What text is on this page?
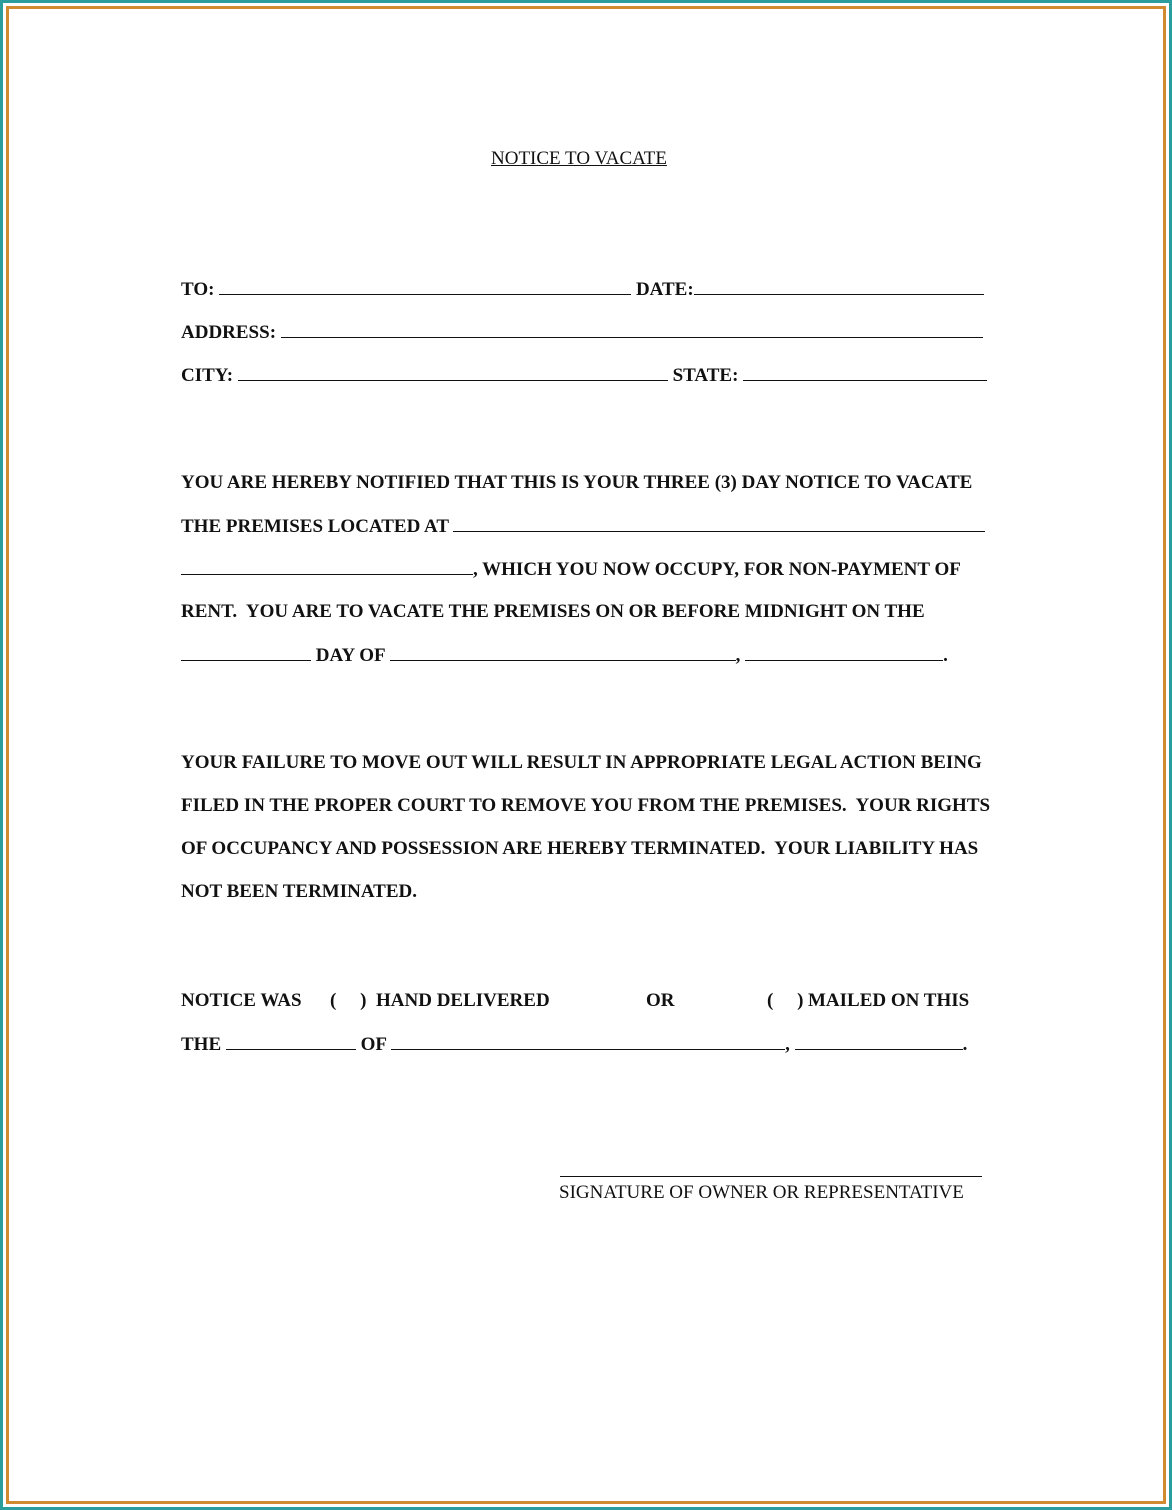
NOTICE TO VACATE
TO:	DATE:
ADDRESS:
CITY:	STATE:
YOU ARE HEREBY NOTIFIED THAT THIS IS YOUR THREE (3) DAY NOTICE TO VACATE
THE PREMISES LOCATED AT
, WHICH YOU NOW OCCUPY, FOR NON-PAYMENT OF
RENT.  YOU ARE TO VACATE THE PREMISES ON OR BEFORE MIDNIGHT ON THE
DAY OF	,	.
YOUR FAILURE TO MOVE OUT WILL RESULT IN APPROPRIATE LEGAL ACTION BEING
FILED IN THE PROPER COURT TO REMOVE YOU FROM THE PREMISES.  YOUR RIGHTS
OF OCCUPANCY AND POSSESSION ARE HEREBY TERMINATED.  YOUR LIABILITY HAS
NOT BEEN TERMINATED.
NOTICE WAS (     ) HAND DELIVERED	OR	(     ) MAILED ON THIS
THE	OF	,	.
SIGNATURE OF OWNER OR REPRESENTATIVE
